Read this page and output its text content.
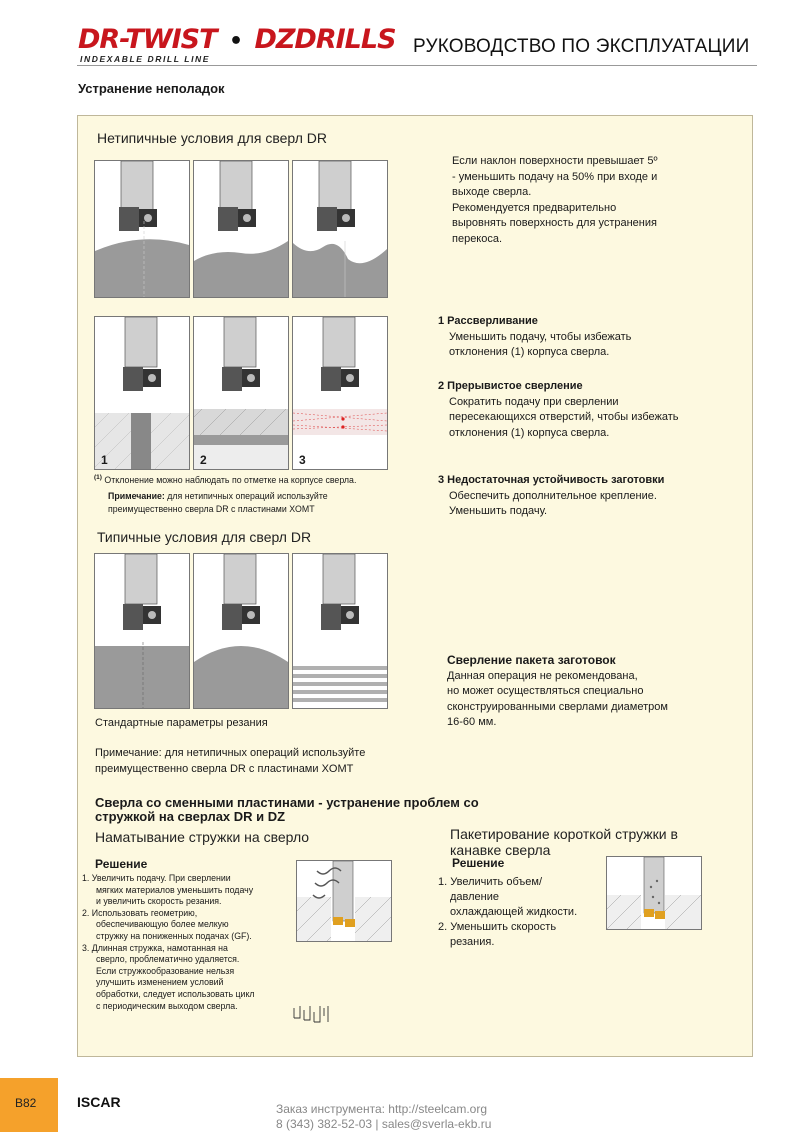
DR-TWIST • DZDRILLS
INDEXABLE DRILL LINE
РУКОВОДСТВО ПО ЭКСПЛУАТАЦИИ
Устранение неполадок
Нетипичные условия для сверл DR
Если наклон поверхности превышает 5º
- уменьшить подачу на 50% при входе и
выходе сверла.
Рекомендуется предварительно
выровнять поверхность для устранения
перекоса.
1	2	3
$^{(1)}$ Отклонение можно наблюдать по отметке на корпусе сверла.
Примечание: для нетипичных операций используйте
преимущественно сверла DR с пластинами XOMT
1 Рассверливание
Уменьшить подачу, чтобы избежать
отклонения (1) корпуса сверла.
2 Прерывистое сверление
Сократить подачу при сверлении
пересекающихся отверстий, чтобы избежать
отклонения (1) корпуса сверла.
3 Недостаточная устойчивость заготовки
Обеспечить дополнительное крепление.
Уменьшить подачу.
Типичные условия для сверл DR
Сверление пакета заготовок
Данная операция не рекомендована,
но может осуществляться специально
сконструированными сверлами диаметром
16-60 мм.
Стандартные параметры резания
Примечание: для нетипичных операций используйте
преимущественно сверла DR с пластинами XOMT
Сверла со сменными пластинами - устранение проблем со
стружкой на сверлах DR и DZ
Наматывание стружки на сверло
Решение
1. Увеличить подачу. При сверлении
мягких материалов уменьшить подачу
и увеличить скорость резания.
2. Использовать геометрию,
обеспечивающую более мелкую
стружку на пониженных подачах (GF).
3. Длинная стружка, намотанная на
сверло, проблематично удаляется.
Если стружкообразование нельзя
улучшить изменением условий
обработки, следует использовать цикл
с периодическим выходом сверла.
Пакетирование короткой стружки в
канавке сверла
Решение
1. Увеличить объем/
давление
охлаждающей жидкости.
2. Уменьшить скорость
резания.
B82	ISCAR	Заказ инструмента: http://steelcam.org
8 (343) 382-52-03 | sales@sverla-ekb.ru
